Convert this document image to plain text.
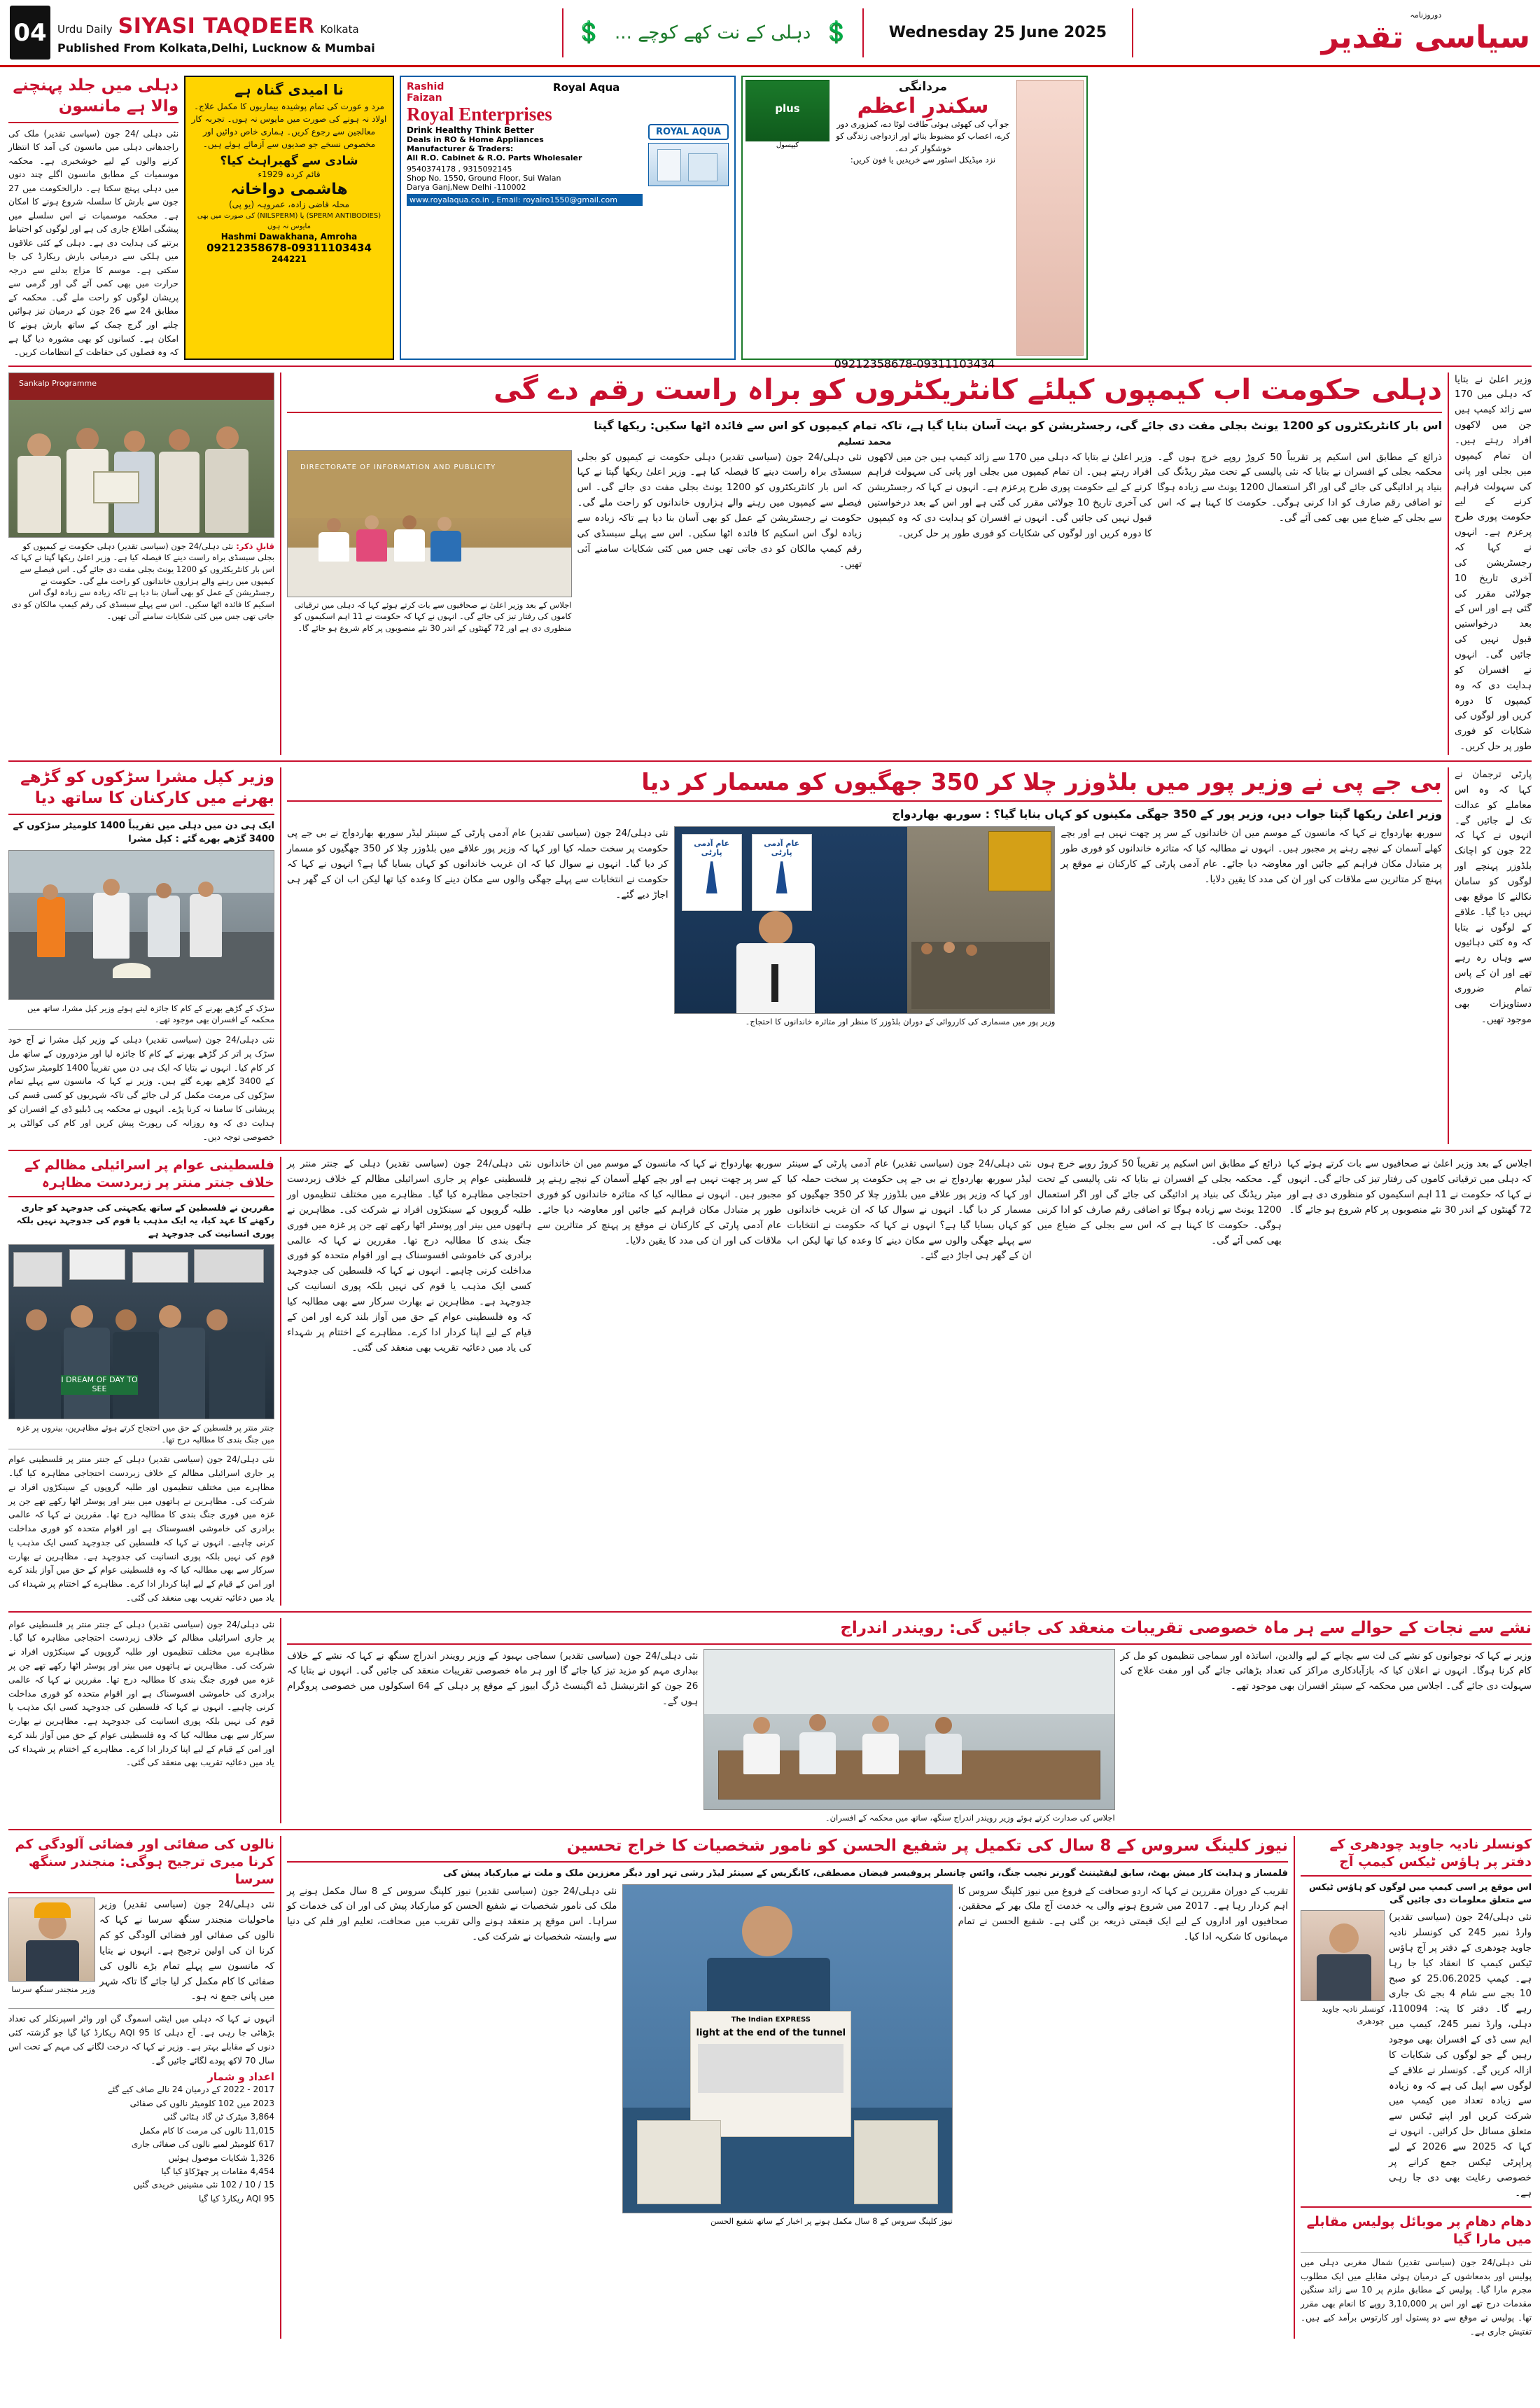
04	Urdu Daily SIYASI TAQDEER Kolkata
Published From Kolkata,Delhi, Lucknow & Mumbai
💲 دہلی کے نت کھے کوچے ... 💲	Wednesday 25 June 2025
دوروزنامہ
سیاسی تقدیر
دہلی میں جلد پہنچنے والا ہے مانسون
نئی دہلی /24 جون (سیاسی تقدیر) ملک کی راجدھانی دہلی میں مانسون کی آمد کا انتظار کرنے والوں کے لیے خوشخبری ہے۔ محکمہ موسمیات کے مطابق مانسون اگلے چند دنوں میں دہلی پہنچ سکتا ہے۔ دارالحکومت میں 27 جون سے بارش کا سلسلہ شروع ہونے کا امکان ہے۔ محکمہ موسمیات نے اس سلسلے میں پیشگی اطلاع جاری کی ہے اور لوگوں کو احتیاط برتنے کی ہدایت دی ہے۔ دہلی کے کئی علاقوں میں ہلکی سے درمیانی بارش ریکارڈ کی جا سکتی ہے۔ موسم کا مزاج بدلنے سے درجہ حرارت میں بھی کمی آئے گی اور گرمی سے پریشان لوگوں کو راحت ملے گی۔ محکمہ کے مطابق 24 سے 26 جون کے درمیان تیز ہوائیں چلنے اور گرج چمک کے ساتھ بارش ہونے کا امکان ہے۔ کسانوں کو بھی مشورہ دیا گیا ہے کہ وہ فصلوں کی حفاظت کے انتظامات کریں۔
نا امیدی گناہ ہے
مرد و عورت کی تمام پوشیدہ بیماریوں کا مکمل علاج۔ اولاد نہ ہونے کی صورت میں مایوس نہ ہوں۔ تجربہ کار معالجین سے رجوع کریں۔ ہماری خاص دوائیں اور مخصوص نسخے جو صدیوں سے آزمائے ہوئے ہیں۔
شادی سے گھبراہٹ کیا؟
قائم کردہ 1929ء
ھاشمی دواخانہ
محلہ قاضی زادہ، عمروہہ (یو پی)
(SPERM ANTIBODIES) یا (NILSPERM) کی صورت میں بھی مایوس نہ ہوں
Hashmi Dawakhana, Amroha
09212358678-09311103434
244221
Rashid
Faizan
Royal Aqua
Royal Enterprises
Drink Healthy Think Better
Deals in RO & Home Appliances
Manufacturer & Traders:
All R.O. Cabinet & R.O. Parts Wholesaler
9540374178 , 9315092145
Shop No. 1550, Ground Floor, Sui Walan
Darya Ganj,New Delhi -110002
www.royalaqua.co.in , Email: royalro1550@gmail.com
ROYAL AQUA
plus
کیپسول
مردانگی
سکندرِ اعظم
جو آپ کی کھوئی ہوئی طاقت لوٹا دے، کمزوری دور کرے، اعصاب کو مضبوط بنائے اور ازدواجی زندگی کو خوشگوار کر دے۔
نزد میڈیکل اسٹور سے خریدیں یا فون کریں:
09212358678-09311103434
Sankalp Programme
قابلِ ذکر: نئی دہلی/24 جون (سیاسی تقدیر) دہلی حکومت نے کیمپوں کو بجلی سبسڈی براہ راست دینے کا فیصلہ کیا ہے۔ وزیر اعلیٰ ریکھا گپتا نے کہا کہ اس بار کانٹریکٹروں کو 1200 یونٹ بجلی مفت دی جائے گی۔ اس فیصلے سے کیمپوں میں رہنے والے ہزاروں خاندانوں کو راحت ملے گی۔ حکومت نے رجسٹریشن کے عمل کو بھی آسان بنا دیا ہے تاکہ زیادہ سے زیادہ لوگ اس اسکیم کا فائدہ اٹھا سکیں۔ اس سے پہلے سبسڈی کی رقم کیمپ مالکان کو دی جاتی تھی جس میں کئی شکایات سامنے آئی تھیں۔
دہلی حکومت اب کیمپوں کیلئے کانٹریکٹروں کو براہ راست رقم دے گی
اس بار کانٹریکٹروں کو 1200 یونٹ بجلی مفت دی جائے گی، رجسٹریشن کو بہت آسان بنایا گیا ہے، تاکہ تمام کیمپوں کو اس سے فائدہ اٹھا سکیں: ریکھا گپتا
محمد تسلیم
DIRECTORATE OF INFORMATION AND PUBLICITY
اجلاس کے بعد وزیر اعلیٰ نے صحافیوں سے بات کرتے ہوئے کہا کہ دہلی میں ترقیاتی کاموں کی رفتار تیز کی جائے گی۔ انہوں نے کہا کہ حکومت نے 11 اہم اسکیموں کو منظوری دی ہے اور 72 گھنٹوں کے اندر 30 نئے منصوبوں پر کام شروع ہو جائے گا۔
نئی دہلی/24 جون (سیاسی تقدیر) دہلی حکومت نے کیمپوں کو بجلی سبسڈی براہ راست دینے کا فیصلہ کیا ہے۔ وزیر اعلیٰ ریکھا گپتا نے کہا کہ اس بار کانٹریکٹروں کو 1200 یونٹ بجلی مفت دی جائے گی۔ اس فیصلے سے کیمپوں میں رہنے والے ہزاروں خاندانوں کو راحت ملے گی۔ حکومت نے رجسٹریشن کے عمل کو بھی آسان بنا دیا ہے تاکہ زیادہ سے زیادہ لوگ اس اسکیم کا فائدہ اٹھا سکیں۔ اس سے پہلے سبسڈی کی رقم کیمپ مالکان کو دی جاتی تھی جس میں کئی شکایات سامنے آئی تھیں۔
وزیر اعلیٰ نے بتایا کہ دہلی میں 170 سے زائد کیمپ ہیں جن میں لاکھوں افراد رہتے ہیں۔ ان تمام کیمپوں میں بجلی اور پانی کی سہولت فراہم کرنے کے لیے حکومت پوری طرح پرعزم ہے۔ انہوں نے کہا کہ رجسٹریشن کی آخری تاریخ 10 جولائی مقرر کی گئی ہے اور اس کے بعد درخواستیں قبول نہیں کی جائیں گی۔ انہوں نے افسران کو ہدایت دی کہ وہ کیمپوں کا دورہ کریں اور لوگوں کی شکایات کو فوری طور پر حل کریں۔
ذرائع کے مطابق اس اسکیم پر تقریباً 50 کروڑ روپے خرچ ہوں گے۔ محکمہ بجلی کے افسران نے بتایا کہ نئی پالیسی کے تحت میٹر ریڈنگ کی بنیاد پر ادائیگی کی جائے گی اور اگر استعمال 1200 یونٹ سے زیادہ ہوگا تو اضافی رقم صارف کو ادا کرنی ہوگی۔ حکومت کا کہنا ہے کہ اس سے بجلی کے ضیاع میں بھی کمی آئے گی۔
وزیر اعلیٰ نے بتایا کہ دہلی میں 170 سے زائد کیمپ ہیں جن میں لاکھوں افراد رہتے ہیں۔ ان تمام کیمپوں میں بجلی اور پانی کی سہولت فراہم کرنے کے لیے حکومت پوری طرح پرعزم ہے۔ انہوں نے کہا کہ رجسٹریشن کی آخری تاریخ 10 جولائی مقرر کی گئی ہے اور اس کے بعد درخواستیں قبول نہیں کی جائیں گی۔ انہوں نے افسران کو ہدایت دی کہ وہ کیمپوں کا دورہ کریں اور لوگوں کی شکایات کو فوری طور پر حل کریں۔
وزیر کپل مشرا سڑکوں کو گڑھے بھرنے میں کارکنان کا ساتھ دیا
ایک ہی دن میں دہلی میں تقریباً 1400 کلومیٹر سڑکوں کے 3400 گڑھے بھرے گئے : کپل مشرا
سڑک کے گڑھے بھرنے کے کام کا جائزہ لیتے ہوئے وزیر کپل مشرا، ساتھ میں محکمہ کے افسران بھی موجود تھے۔
نئی دہلی/24 جون (سیاسی تقدیر) دہلی کے وزیر کپل مشرا نے آج خود سڑک پر اتر کر گڑھے بھرنے کے کام کا جائزہ لیا اور مزدوروں کے ساتھ مل کر کام کیا۔ انہوں نے بتایا کہ ایک ہی دن میں تقریباً 1400 کلومیٹر سڑکوں کے 3400 گڑھے بھرے گئے ہیں۔ وزیر نے کہا کہ مانسون سے پہلے تمام سڑکوں کی مرمت مکمل کر لی جائے گی تاکہ شہریوں کو کسی قسم کی پریشانی کا سامنا نہ کرنا پڑے۔ انہوں نے محکمہ پی ڈبلیو ڈی کے افسران کو ہدایت دی کہ وہ روزانہ کی رپورٹ پیش کریں اور کام کی کوالٹی پر خصوصی توجہ دیں۔
بی جے پی نے وزیر پور میں بلڈوزر چلا کر 350 جھگیوں کو مسمار کر دیا
وزیر اعلیٰ ریکھا گپتا جواب دیں، وزیر پور کے 350 جھگی مکینوں کو کہاں بنایا گیا؟ : سوربھ بھاردواج
نئی دہلی/24 جون (سیاسی تقدیر) عام آدمی پارٹی کے سینئر لیڈر سوربھ بھاردواج نے بی جے پی حکومت پر سخت حملہ کیا اور کہا کہ وزیر پور علاقے میں بلڈوزر چلا کر 350 جھگیوں کو مسمار کر دیا گیا۔ انہوں نے سوال کیا کہ ان غریب خاندانوں کو کہاں بسایا گیا ہے؟ انہوں نے کہا کہ حکومت نے انتخابات سے پہلے جھگی والوں سے مکان دینے کا وعدہ کیا تھا لیکن اب ان کے گھر ہی اجاڑ دیے گئے۔
عام آدمی پارٹی
عام آدمی پارٹی
وزیر پور میں مسماری کی کارروائی کے دوران بلڈوزر کا منظر اور متاثرہ خاندانوں کا احتجاج۔
سوربھ بھاردواج نے کہا کہ مانسون کے موسم میں ان خاندانوں کے سر پر چھت نہیں ہے اور بچے کھلے آسمان کے نیچے رہنے پر مجبور ہیں۔ انہوں نے مطالبہ کیا کہ متاثرہ خاندانوں کو فوری طور پر متبادل مکان فراہم کیے جائیں اور معاوضہ دیا جائے۔ عام آدمی پارٹی کے کارکنان نے موقع پر پہنچ کر متاثرین سے ملاقات کی اور ان کی مدد کا یقین دلایا۔
پارٹی ترجمان نے کہا کہ وہ اس معاملے کو عدالت تک لے جائیں گے۔ انہوں نے کہا کہ 22 جون کو اچانک بلڈوزر پہنچے اور لوگوں کو سامان نکالنے کا موقع بھی نہیں دیا گیا۔ علاقے کے لوگوں نے بتایا کہ وہ کئی دہائیوں سے وہاں رہ رہے تھے اور ان کے پاس تمام ضروری دستاویزات بھی موجود تھیں۔
فلسطینی عوام پر اسرائیلی مظالم کے خلاف جنتر منتر پر زبردست مظاہرہ
مقررین نے فلسطین کے ساتھ یکجہتی کی جدوجہد کو جاری رکھنے کا عہد کیا، یہ ایک مذہب یا قوم کی جدوجہد نہیں بلکہ پوری انسانیت کی جدوجہد ہے
I DREAM OF DAY TO SEE
جنتر منتر پر فلسطین کے حق میں احتجاج کرتے ہوئے مظاہرین، بینروں پر غزہ میں جنگ بندی کا مطالبہ درج تھا۔
نئی دہلی/24 جون (سیاسی تقدیر) دہلی کے جنتر منتر پر فلسطینی عوام پر جاری اسرائیلی مظالم کے خلاف زبردست احتجاجی مظاہرہ کیا گیا۔ مظاہرے میں مختلف تنظیموں اور طلبہ گروپوں کے سینکڑوں افراد نے شرکت کی۔ مظاہرین نے ہاتھوں میں بینر اور پوسٹر اٹھا رکھے تھے جن پر غزہ میں فوری جنگ بندی کا مطالبہ درج تھا۔ مقررین نے کہا کہ عالمی برادری کی خاموشی افسوسناک ہے اور اقوام متحدہ کو فوری مداخلت کرنی چاہیے۔ انہوں نے کہا کہ فلسطین کی جدوجہد کسی ایک مذہب یا قوم کی نہیں بلکہ پوری انسانیت کی جدوجہد ہے۔ مظاہرین نے بھارت سرکار سے بھی مطالبہ کیا کہ وہ فلسطینی عوام کے حق میں آواز بلند کرے اور امن کے قیام کے لیے اپنا کردار ادا کرے۔ مظاہرے کے اختتام پر شہداء کی یاد میں دعائیہ تقریب بھی منعقد کی گئی۔
نئی دہلی/24 جون (سیاسی تقدیر) دہلی کے جنتر منتر پر فلسطینی عوام پر جاری اسرائیلی مظالم کے خلاف زبردست احتجاجی مظاہرہ کیا گیا۔ مظاہرے میں مختلف تنظیموں اور طلبہ گروپوں کے سینکڑوں افراد نے شرکت کی۔ مظاہرین نے ہاتھوں میں بینر اور پوسٹر اٹھا رکھے تھے جن پر غزہ میں فوری جنگ بندی کا مطالبہ درج تھا۔ مقررین نے کہا کہ عالمی برادری کی خاموشی افسوسناک ہے اور اقوام متحدہ کو فوری مداخلت کرنی چاہیے۔ انہوں نے کہا کہ فلسطین کی جدوجہد کسی ایک مذہب یا قوم کی نہیں بلکہ پوری انسانیت کی جدوجہد ہے۔ مظاہرین نے بھارت سرکار سے بھی مطالبہ کیا کہ وہ فلسطینی عوام کے حق میں آواز بلند کرے اور امن کے قیام کے لیے اپنا کردار ادا کرے۔ مظاہرے کے اختتام پر شہداء کی یاد میں دعائیہ تقریب بھی منعقد کی گئی۔
سوربھ بھاردواج نے کہا کہ مانسون کے موسم میں ان خاندانوں کے سر پر چھت نہیں ہے اور بچے کھلے آسمان کے نیچے رہنے پر مجبور ہیں۔ انہوں نے مطالبہ کیا کہ متاثرہ خاندانوں کو فوری طور پر متبادل مکان فراہم کیے جائیں اور معاوضہ دیا جائے۔ عام آدمی پارٹی کے کارکنان نے موقع پر پہنچ کر متاثرین سے ملاقات کی اور ان کی مدد کا یقین دلایا۔
نئی دہلی/24 جون (سیاسی تقدیر) عام آدمی پارٹی کے سینئر لیڈر سوربھ بھاردواج نے بی جے پی حکومت پر سخت حملہ کیا اور کہا کہ وزیر پور علاقے میں بلڈوزر چلا کر 350 جھگیوں کو مسمار کر دیا گیا۔ انہوں نے سوال کیا کہ ان غریب خاندانوں کو کہاں بسایا گیا ہے؟ انہوں نے کہا کہ حکومت نے انتخابات سے پہلے جھگی والوں سے مکان دینے کا وعدہ کیا تھا لیکن اب ان کے گھر ہی اجاڑ دیے گئے۔
ذرائع کے مطابق اس اسکیم پر تقریباً 50 کروڑ روپے خرچ ہوں گے۔ محکمہ بجلی کے افسران نے بتایا کہ نئی پالیسی کے تحت میٹر ریڈنگ کی بنیاد پر ادائیگی کی جائے گی اور اگر استعمال 1200 یونٹ سے زیادہ ہوگا تو اضافی رقم صارف کو ادا کرنی ہوگی۔ حکومت کا کہنا ہے کہ اس سے بجلی کے ضیاع میں بھی کمی آئے گی۔
اجلاس کے بعد وزیر اعلیٰ نے صحافیوں سے بات کرتے ہوئے کہا کہ دہلی میں ترقیاتی کاموں کی رفتار تیز کی جائے گی۔ انہوں نے کہا کہ حکومت نے 11 اہم اسکیموں کو منظوری دی ہے اور 72 گھنٹوں کے اندر 30 نئے منصوبوں پر کام شروع ہو جائے گا۔
نئی دہلی/24 جون (سیاسی تقدیر) دہلی کے جنتر منتر پر فلسطینی عوام پر جاری اسرائیلی مظالم کے خلاف زبردست احتجاجی مظاہرہ کیا گیا۔ مظاہرے میں مختلف تنظیموں اور طلبہ گروپوں کے سینکڑوں افراد نے شرکت کی۔ مظاہرین نے ہاتھوں میں بینر اور پوسٹر اٹھا رکھے تھے جن پر غزہ میں فوری جنگ بندی کا مطالبہ درج تھا۔ مقررین نے کہا کہ عالمی برادری کی خاموشی افسوسناک ہے اور اقوام متحدہ کو فوری مداخلت کرنی چاہیے۔ انہوں نے کہا کہ فلسطین کی جدوجہد کسی ایک مذہب یا قوم کی نہیں بلکہ پوری انسانیت کی جدوجہد ہے۔ مظاہرین نے بھارت سرکار سے بھی مطالبہ کیا کہ وہ فلسطینی عوام کے حق میں آواز بلند کرے اور امن کے قیام کے لیے اپنا کردار ادا کرے۔ مظاہرے کے اختتام پر شہداء کی یاد میں دعائیہ تقریب بھی منعقد کی گئی۔
نشے سے نجات کے حوالے سے ہر ماہ خصوصی تقریبات منعقد کی جائیں گی: رویندر اندراج
نئی دہلی/24 جون (سیاسی تقدیر) سماجی بہبود کے وزیر رویندر اندراج سنگھ نے کہا کہ نشے کے خلاف بیداری مہم کو مزید تیز کیا جائے گا اور ہر ماہ خصوصی تقریبات منعقد کی جائیں گی۔ انہوں نے بتایا کہ 26 جون کو انٹرنیشنل ڈے اگینسٹ ڈرگ ابیوز کے موقع پر دہلی کے 64 اسکولوں میں خصوصی پروگرام ہوں گے۔
اجلاس کی صدارت کرتے ہوئے وزیر رویندر اندراج سنگھ، ساتھ میں محکمہ کے افسران۔
وزیر نے کہا کہ نوجوانوں کو نشے کی لت سے بچانے کے لیے والدین، اساتذہ اور سماجی تنظیموں کو مل کر کام کرنا ہوگا۔ انہوں نے اعلان کیا کہ بازآبادکاری مراکز کی تعداد بڑھائی جائے گی اور مفت علاج کی سہولت دی جائے گی۔ اجلاس میں محکمہ کے سینئر افسران بھی موجود تھے۔
نالوں کی صفائی اور فضائی آلودگی کم کرنا میری ترجیح ہوگی: منجندر سنگھ سرسا
وزیر منجندر سنگھ سرسا
نئی دہلی/24 جون (سیاسی تقدیر) وزیر ماحولیات منجندر سنگھ سرسا نے کہا کہ نالوں کی صفائی اور فضائی آلودگی کو کم کرنا ان کی اولین ترجیح ہے۔ انہوں نے بتایا کہ مانسون سے پہلے تمام بڑے نالوں کی صفائی کا کام مکمل کر لیا جائے گا تاکہ شہر میں پانی جمع نہ ہو۔
انہوں نے کہا کہ دہلی میں اینٹی اسموگ گن اور واٹر اسپرنکلر کی تعداد بڑھائی جا رہی ہے۔ آج دہلی کا AQI 95 ریکارڈ کیا گیا جو گزشتہ کئی دنوں کے مقابلے بہتر ہے۔ وزیر نے کہا کہ درخت لگانے کی مہم کے تحت اس سال 70 لاکھ پودے لگائے جائیں گے۔
اعداد و شمار
2017 - 2022 کے درمیان 24 نالے صاف کیے گئے
2023 میں 102 کلومیٹر نالوں کی صفائی
3,864 میٹرک ٹن گاد ہٹائی گئی
11,015 نالوں کی مرمت کا کام مکمل
617 کلومیٹر لمبے نالوں کی صفائی جاری
1,326 شکایات موصول ہوئیں
4,454 مقامات پر چھڑکاؤ کیا گیا
15 / 10 / 102 نئی مشینیں خریدی گئیں
AQI 95 ریکارڈ کیا گیا
نیوز کلینگ سروس کے 8 سال کی تکمیل پر شفیع الحسن کو نامور شخصیات کا خراج تحسین
فلمساز و ہدایت کار میش بھٹ، سابق لیفٹیننٹ گورنر نجیب جنگ، وائس چانسلر پروفیسر فیضان مصطفی، کانگریس کے سینئر لیڈر رشی تہر اور دیگر معززین ملک و ملت نے مبارکباد پیش کی
نئی دہلی/24 جون (سیاسی تقدیر) نیوز کلپنگ سروس کے 8 سال مکمل ہونے پر ملک کی نامور شخصیات نے شفیع الحسن کو مبارکباد پیش کی اور ان کی خدمات کو سراہا۔ اس موقع پر منعقد ہونے والی تقریب میں صحافت، تعلیم اور فلم کی دنیا سے وابستہ شخصیات نے شرکت کی۔
The Indian EXPRESS
light at the end of the tunnel
نیوز کلپنگ سروس کے 8 سال مکمل ہونے پر اخبار کے ساتھ شفیع الحسن
تقریب کے دوران مقررین نے کہا کہ اردو صحافت کے فروغ میں نیوز کلپنگ سروس کا اہم کردار رہا ہے۔ 2017 میں شروع ہونے والی یہ خدمت آج ملک بھر کے محققین، صحافیوں اور اداروں کے لیے ایک قیمتی ذریعہ بن گئی ہے۔ شفیع الحسن نے تمام مہمانوں کا شکریہ ادا کیا۔
کونسلر نادیہ جاوید چودھری کے دفتر پر ہاؤس ٹیکس کیمپ آج
اس موقع پر اسی کیمپ میں لوگوں کو ہاؤس ٹیکس سے متعلق معلومات دی جائیں گی
کونسلر نادیہ جاوید چودھری
نئی دہلی/24 جون (سیاسی تقدیر) وارڈ نمبر 245 کی کونسلر نادیہ جاوید چودھری کے دفتر پر آج ہاؤس ٹیکس کیمپ کا انعقاد کیا جا رہا ہے۔ کیمپ 25.06.2025 کو صبح 10 بجے سے شام 4 بجے تک جاری رہے گا۔ دفتر کا پتہ: 110094، دہلی، وارڈ نمبر 245، کیمپ میں ایم سی ڈی کے افسران بھی موجود رہیں گے جو لوگوں کی شکایات کا ازالہ کریں گے۔ کونسلر نے علاقے کے لوگوں سے اپیل کی ہے کہ وہ زیادہ سے زیادہ تعداد میں کیمپ میں شرکت کریں اور اپنے ٹیکس سے متعلق مسائل حل کرائیں۔ انہوں نے کہا کہ 2025 سے 2026 کے لیے پراپرٹی ٹیکس جمع کرانے پر خصوصی رعایت بھی دی جا رہی ہے۔
دھام دھام پر موبائل پولیس مقابلے میں مارا گیا
نئی دہلی/24 جون (سیاسی تقدیر) شمال مغربی دہلی میں پولیس اور بدمعاشوں کے درمیان ہوئی مقابلے میں ایک مطلوب مجرم مارا گیا۔ پولیس کے مطابق ملزم پر 10 سے زائد سنگین مقدمات درج تھے اور اس پر 3,10,000 روپے کا انعام بھی مقرر تھا۔ پولیس نے موقع سے دو پستول اور کارتوس برآمد کیے ہیں۔ تفتیش جاری ہے۔
